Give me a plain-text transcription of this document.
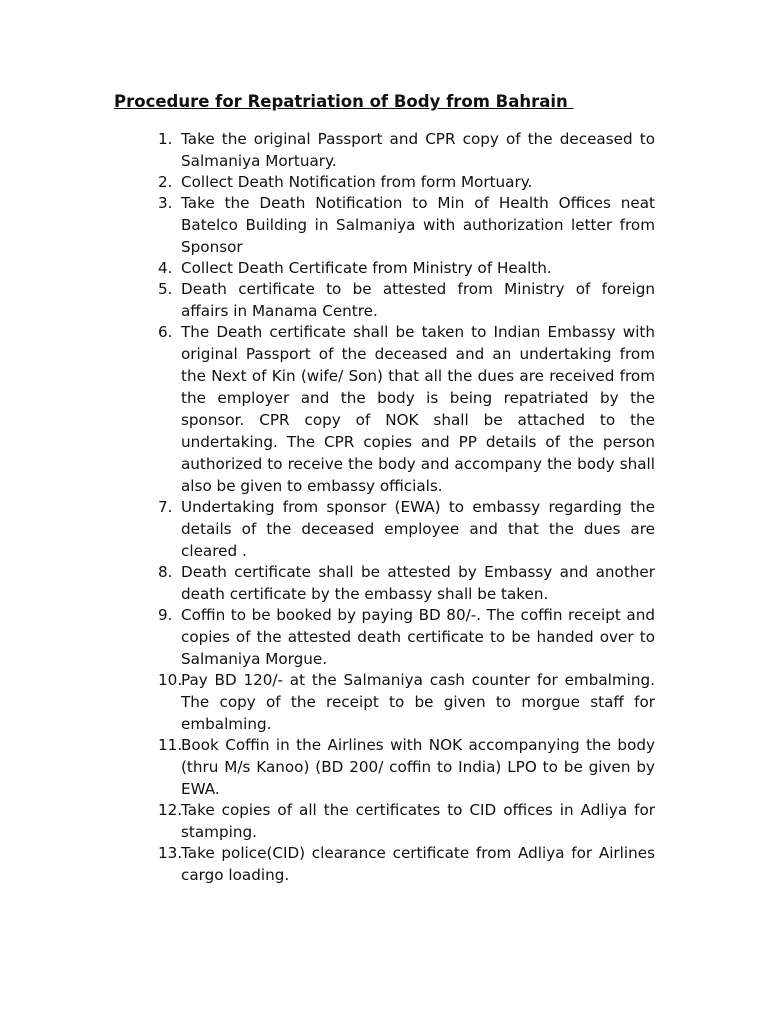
Procedure for Repatriation of Body from Bahrain
1. Take the original Passport and CPR copy of the deceased to Salmaniya Mortuary.
2. Collect Death Notification from form Mortuary.
3. Take the Death Notification to Min of Health Offices neat Batelco Building in Salmaniya with authorization letter from Sponsor
4. Collect Death Certificate from Ministry of Health.
5. Death certificate to be attested from Ministry of foreign affairs in Manama Centre.
6. The Death certificate shall be taken to Indian Embassy with original Passport of the deceased and an undertaking from the Next of Kin (wife/ Son) that all the dues are received from the employer and the body is being repatriated by the sponsor. CPR copy of NOK shall be attached to the undertaking. The CPR copies and PP details of the person authorized to receive the body and accompany the body shall also be given to embassy officials.
7. Undertaking from sponsor (EWA) to embassy regarding the details of the deceased employee and that the dues are cleared .
8. Death certificate shall be attested by Embassy and another death certificate by the embassy shall be taken.
9. Coffin to be booked by paying BD 80/-. The coffin receipt and copies of the attested death certificate to be handed over to Salmaniya Morgue.
10.
Pay BD 120/- at the Salmaniya cash counter for embalming. The copy of the receipt to be given to morgue staff for embalming.
11.
Book Coffin in the Airlines with NOK accompanying the body (thru M/s Kanoo) (BD 200/ coffin to India) LPO to be given by EWA.
12.
Take copies of all the certificates to CID offices in Adliya for stamping.
13.
Take police(CID) clearance certificate from Adliya for Airlines cargo loading.
